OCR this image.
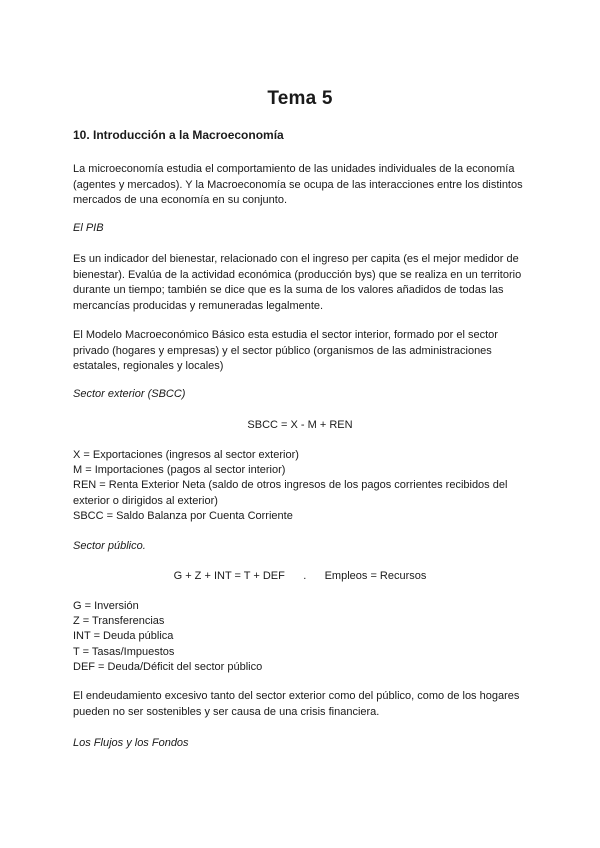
Tema 5
10. Introducción a la Macroeconomía

La microeconomía estudia el comportamiento de las unidades individuales de la economía
(agentes y mercados). Y la Macroeconomía se ocupa de las interacciones entre los distintos
mercados de una economía en su conjunto.

El PIB

Es un indicador del bienestar, relacionado con el ingreso per capita (es el mejor medidor de
bienestar). Evalúa de la actividad económica (producción bys) que se realiza en un territorio
durante un tiempo; también se dice que es la suma de los valores añadidos de todas las
mercancías producidas y remuneradas legalmente.

El Modelo Macroeconómico Básico esta estudia el sector interior, formado por el sector
privado (hogares y empresas) y el sector público (organismos de las administraciones
estatales, regionales y locales)

Sector exterior (SBCC)
SBCC = X - M + REN
X = Exportaciones (ingresos al sector exterior)
M = Importaciones (pagos al sector interior)
REN = Renta Exterior Neta (saldo de otros ingresos de los pagos corrientes recibidos del
exterior o dirigidos al exterior)
SBCC = Saldo Balanza por Cuenta Corriente
Sector público.
G + Z + INT = T + DEF      .      Empleos = Recursos
G = Inversión
Z = Transferencias
INT = Deuda pública
T = Tasas/Impuestos
DEF = Deuda/Déficit del sector público

El endeudamiento excesivo tanto del sector exterior como del público, como de los hogares
pueden no ser sostenibles y ser causa de una crisis financiera.

Los Flujos y los Fondos
